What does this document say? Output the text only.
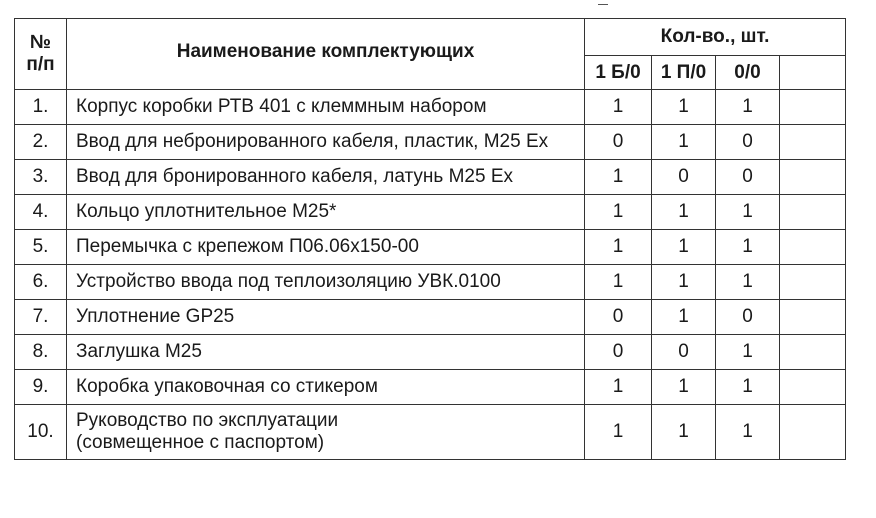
№
п/п	Наименование комплектующих	Кол-во., шт.			
		1 Б/0	1 П/0	0/0	
1.	Корпус коробки РТВ 401 с клеммным набором	1	1	1	
2.	Ввод для небронированного кабеля, пластик, М25 Ех	0	1	0	
3.	Ввод для бронированного кабеля, латунь М25 Ех	1	0	0	
4.	Кольцо уплотнительное М25*	1	1	1	
5.	Перемычка с крепежом П06.06х150-00	1	1	1	
6.	Устройство ввода под теплоизоляцию УВК.0100	1	1	1	
7.	Уплотнение GP25	0	1	0	
8.	Заглушка М25	0	0	1	
9.	Коробка упаковочная со стикером	1	1	1	
10.	Руководство по эксплуатации
(совмещенное с паспортом)	1	1	1	
